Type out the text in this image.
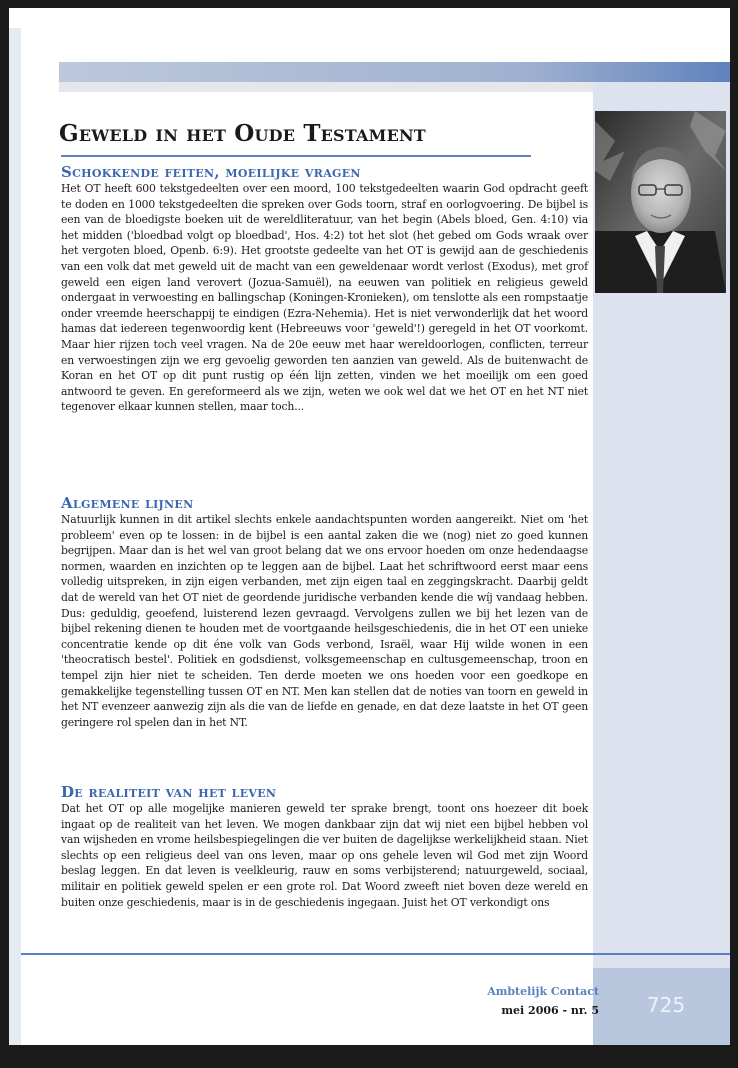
Geweld in het Oude Testament
Schokkende feiten, moeilijke vragen

Het OT heeft 600 tekstgedeelten over een moord, 100 tekstgedeelten waarin God opdracht geeft te doden en 1000 tekstgedeelten die spreken over Gods toorn, straf en oorlogvoering. De bijbel is een van de bloedigste boeken uit de wereldliteratuur, van het begin (Abels bloed, Gen. 4:10) via het midden ('bloedbad volgt op bloedbad', Hos. 4:2) tot het slot (het gebed om Gods wraak over het vergoten bloed, Openb. 6:9). Het grootste gedeelte van het OT is gewijd aan de geschiedenis van een volk dat met geweld uit de macht van een geweldenaar wordt verlost (Exodus), met grof geweld een eigen land verovert (Jozua-Samuël), na eeuwen van politiek en religieus geweld ondergaat in verwoesting en ballingschap (Koningen-Kronieken), om tenslotte als een rompstaatje onder vreemde heerschappij te eindigen (Ezra-Nehemia). Het is niet verwonderlijk dat het woord hamas dat iedereen tegenwoordig kent (Hebreeuws voor 'geweld'!) geregeld in het OT voorkomt. Maar hier rijzen toch veel vragen. Na de 20e eeuw met haar wereldoorlogen, conflicten, terreur en verwoestingen zijn we erg gevoelig geworden ten aanzien van geweld. Als de buitenwacht de Koran en het OT op dit punt rustig op één lijn zetten, vinden we het moeilijk om een goed antwoord te geven. En gereformeerd als we zijn, weten we ook wel dat we het OT en het NT niet tegenover elkaar kunnen stellen, maar toch...

Algemene lijnen

Natuurlijk kunnen in dit artikel slechts enkele aandachtspunten worden aangereikt. Niet om 'het probleem' even op te lossen: in de bijbel is een aantal zaken die we (nog) niet zo goed kunnen begrijpen. Maar dan is het wel van groot belang dat we ons ervoor hoeden om onze hedendaagse normen, waarden en inzichten op te leggen aan de bijbel. Laat het schriftwoord eerst maar eens volledig uitspreken, in zijn eigen verbanden, met zijn eigen taal en zeggingskracht. Daarbij geldt dat de wereld van het OT niet de geordende juridische verbanden kende die wíj vandaag hebben. Dus: geduldig, geoefend, luisterend lezen gevraagd. Vervolgens zullen we bij het lezen van de bijbel rekening dienen te houden met de voortgaande heilsgeschiedenis, die in het OT een unieke concentratie kende op dit éne volk van Gods verbond, Israël, waar Hij wilde wonen in een 'theocratisch bestel'. Politiek en godsdienst, volksgemeenschap en cultusgemeenschap, troon en tempel zijn hier niet te scheiden. Ten derde moeten we ons hoeden voor een goedkope en gemakkelijke tegenstelling tussen OT en NT. Men kan stellen dat de noties van toorn en geweld in het NT evenzeer aanwezig zijn als die van de liefde en genade, en dat deze laatste in het OT geen geringere rol spelen dan in het NT.

De realiteit van het leven

Dat het OT op alle mogelijke manieren geweld ter sprake brengt, toont ons hoezeer dit boek ingaat op de realiteit van het leven. We mogen dankbaar zijn dat wij niet een bijbel hebben vol van wijsheden en vrome heilsbespiegelingen die ver buiten de dagelijkse werkelijkheid staan. Niet slechts op een religieus deel van ons leven, maar op ons gehele leven wil God met zijn Woord beslag leggen. En dat leven is veelkleurig, rauw en soms verbijsterend; natuurgeweld, sociaal, militair en politiek geweld spelen er een grote rol. Dat Woord zweeft niet boven deze wereld en buiten onze geschiedenis, maar is in de geschiedenis ingegaan. Juist het OT verkondigt ons

Ambtelijk Contact
mei 2006 - nr. 5	725
